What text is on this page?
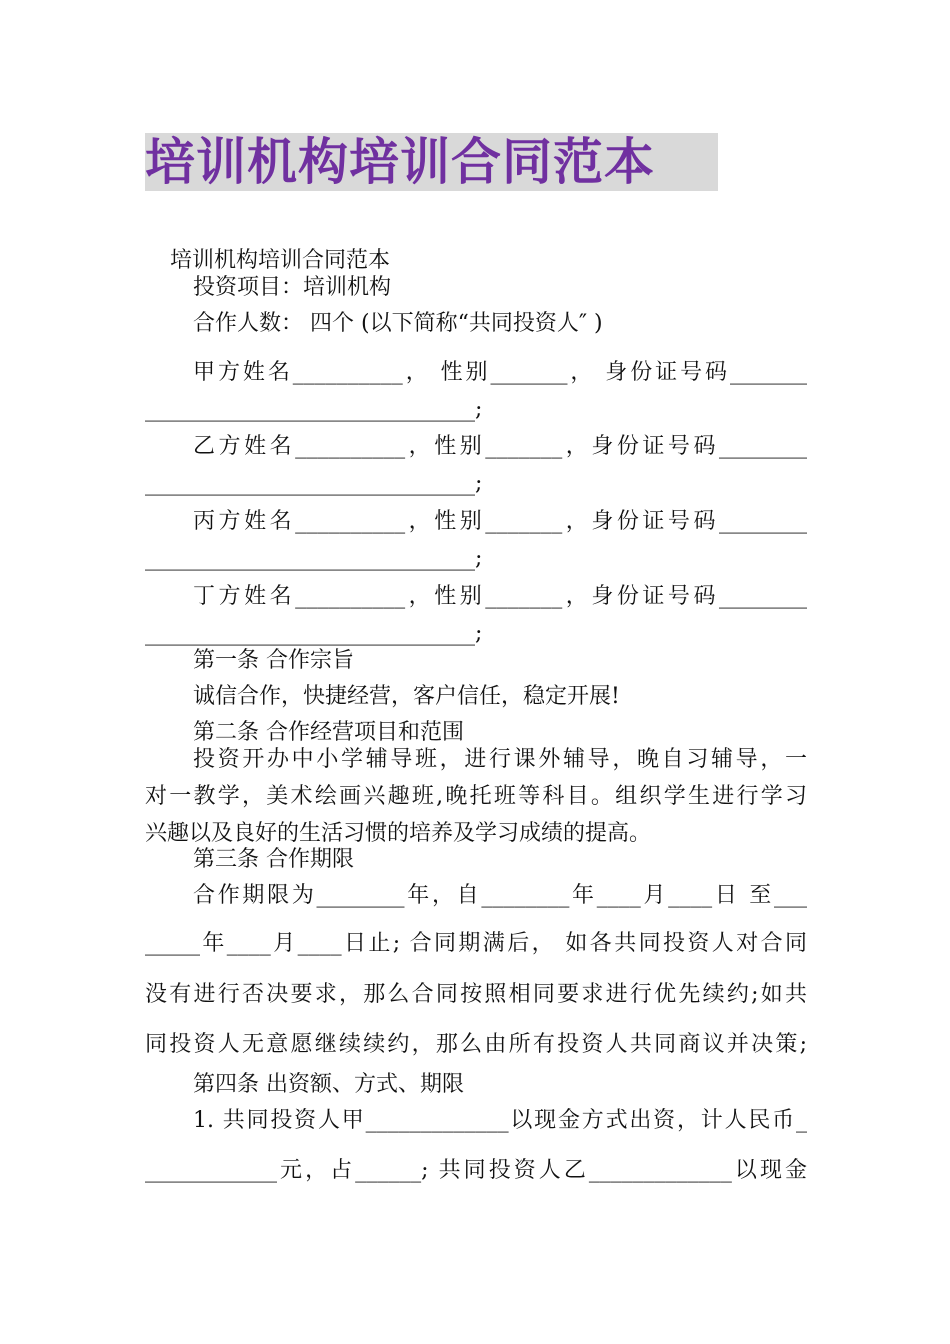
培训机构培训合同范本
培训机构培训合同范本
投资项目：培训机构
合作人数： 四个 (以下简称“共同投资人″ )
甲方姓名__________， 性别_______， 身份证号码_______
______________________________;
乙方姓名__________，性别_______，身份证号码________
______________________________;
丙方姓名__________，性别_______，身份证号码________
______________________________;
丁方姓名__________，性别_______，身份证号码________
______________________________;
第一条 合作宗旨
诚信合作，快捷经营，客户信任，稳定开展!
第二条 合作经营项目和范围
投资开办中小学辅导班，进行课外辅导，晚自习辅导，一
对一教学，美术绘画兴趣班,晚托班等科目。组织学生进行学习
兴趣以及良好的生活习惯的培养及学习成绩的提高。
第三条 合作期限
合作期限为________年，自________年____月____日 至___
_____年____月____日止; 合同期满后， 如各共同投资人对合同
没有进行否决要求，那么合同按照相同要求进行优先续约;如共
同投资人无意愿继续续约，那么由所有投资人共同商议并决策;
第四条 出资额、方式、期限
1. 共同投资人甲_____________以现金方式出资，计人民币_
____________元，占______; 共同投资人乙_____________以现金
